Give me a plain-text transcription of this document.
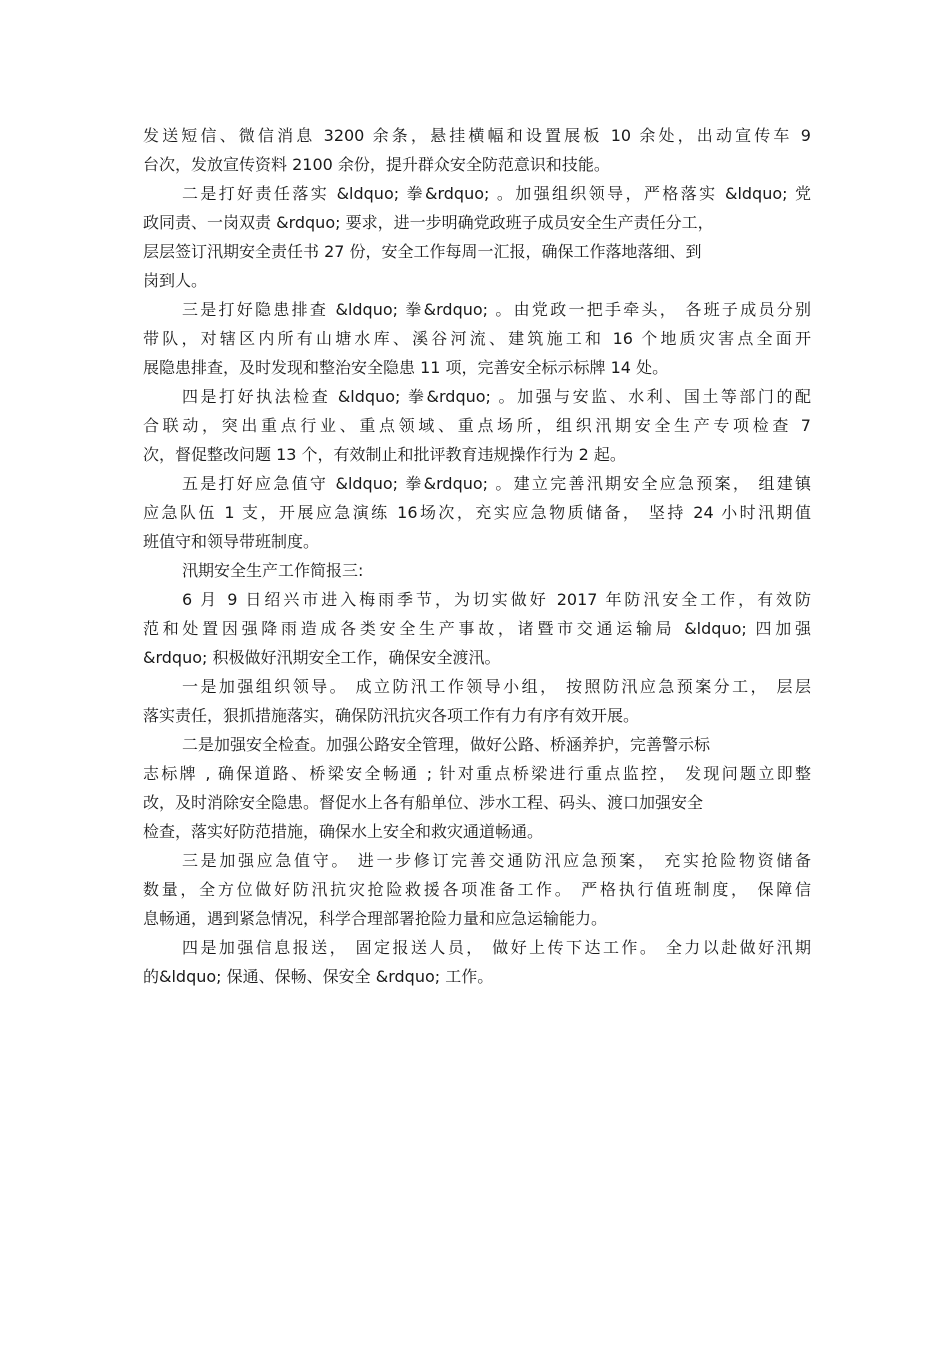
发送短信、微信消息 3200 余条，悬挂横幅和设置展板 10 余处，出动宣传车 9
台次，发放宣传资料 2100 余份，提升群众安全防范意识和技能。
二是打好责任落实 &ldquo; 拳&rdquo; 。加强组织领导，严格落实 &ldquo; 党
政同责、一岗双责 &rdquo; 要求，进一步明确党政班子成员安全生产责任分工，
层层签订汛期安全责任书 27 份，安全工作每周一汇报，确保工作落地落细、到
岗到人。
三是打好隐患排查 &ldquo; 拳&rdquo; 。由党政一把手牵头， 各班子成员分别
带队，对辖区内所有山塘水库、溪谷河流、建筑施工和 16 个地质灾害点全面开
展隐患排查，及时发现和整治安全隐患 11 项，完善安全标示标牌 14 处。
四是打好执法检查 &ldquo; 拳&rdquo; 。加强与安监、水利、国土等部门的配
合联动，突出重点行业、重点领域、重点场所，组织汛期安全生产专项检查 7
次，督促整改问题 13 个，有效制止和批评教育违规操作行为 2 起。
五是打好应急值守 &ldquo; 拳&rdquo; 。建立完善汛期安全应急预案， 组建镇
应急队伍 1 支，开展应急演练 16场次，充实应急物质储备， 坚持 24 小时汛期值
班值守和领导带班制度。
汛期安全生产工作简报三:
6 月 9 日绍兴市进入梅雨季节，为切实做好 2017 年防汛安全工作，有效防
范和处置因强降雨造成各类安全生产事故，诸暨市交通运输局 &ldquo; 四加强
&rdquo; 积极做好汛期安全工作，确保安全渡汛。
一是加强组织领导。 成立防汛工作领导小组， 按照防汛应急预案分工， 层层
落实责任，狠抓措施落实，确保防汛抗灾各项工作有力有序有效开展。
二是加强安全检查。加强公路安全管理，做好公路、桥涵养护，完善警示标
志标牌 , 确保道路、桥梁安全畅通 ; 针对重点桥梁进行重点监控， 发现问题立即整
改，及时消除安全隐患。督促水上各有船单位、涉水工程、码头、渡口加强安全
检查，落实好防范措施，确保水上安全和救灾通道畅通。
三是加强应急值守。 进一步修订完善交通防汛应急预案， 充实抢险物资储备
数量，全方位做好防汛抗灾抢险救援各项准备工作。 严格执行值班制度， 保障信
息畅通，遇到紧急情况，科学合理部署抢险力量和应急运输能力。
四是加强信息报送， 固定报送人员， 做好上传下达工作。 全力以赴做好汛期
的&ldquo; 保通、保畅、保安全 &rdquo; 工作。
